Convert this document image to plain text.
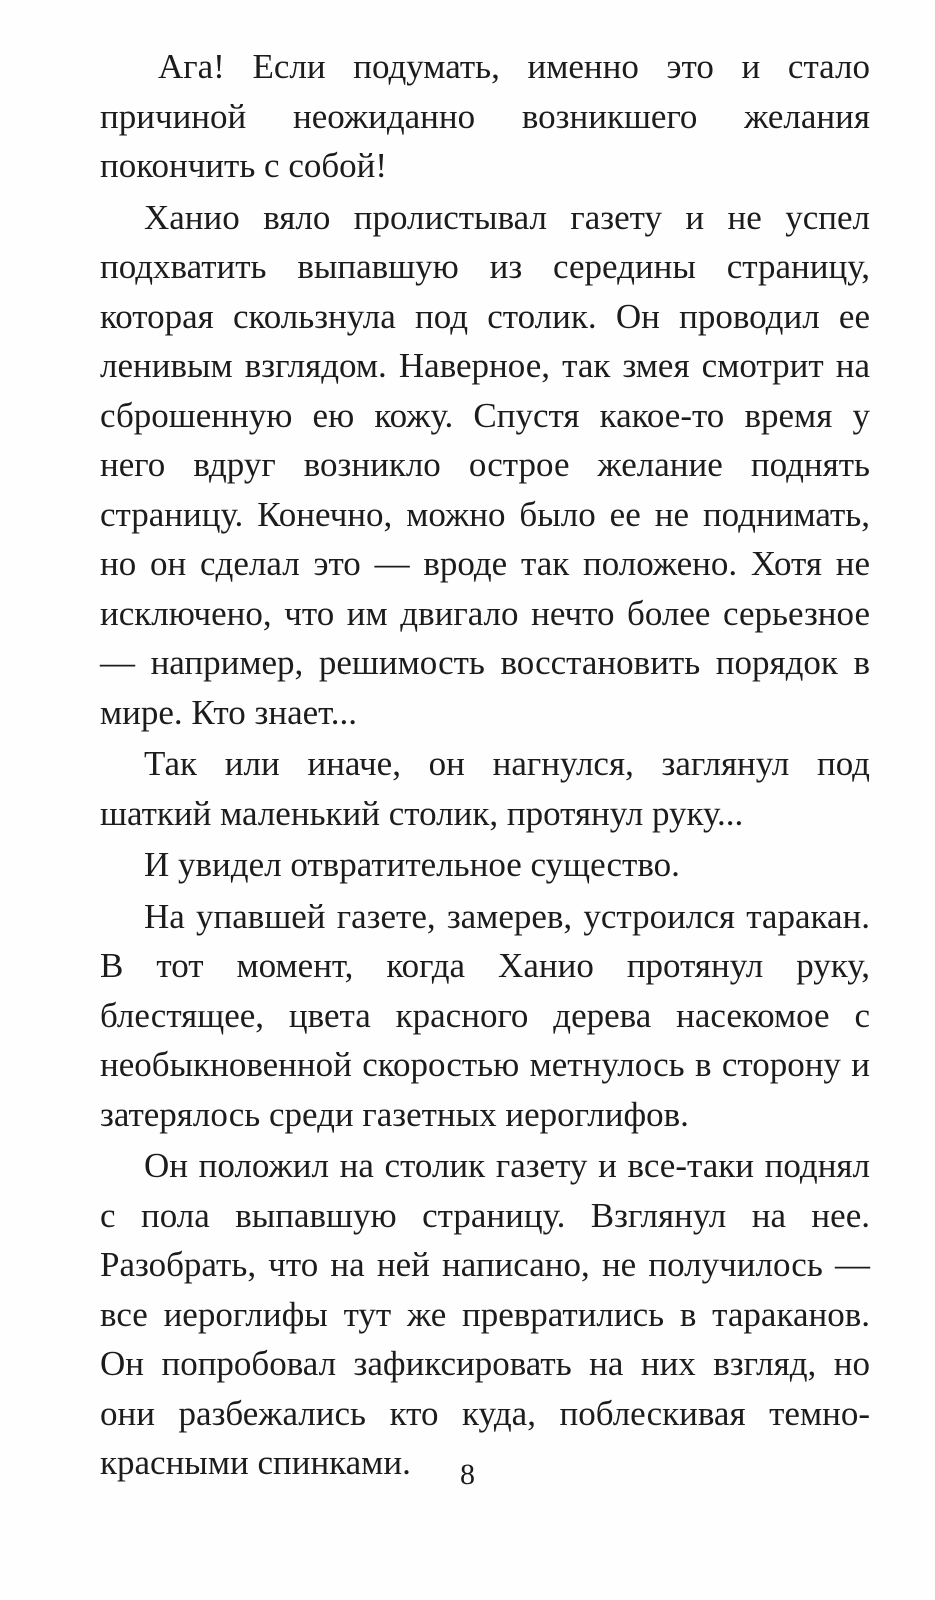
Ага! Если подумать, именно это и стало причиной неожиданно возникшего желания покончить с собой!

Ханио вяло пролистывал газету и не успел подхватить выпавшую из середины страницу, которая скользнула под столик. Он проводил ее ленивым взглядом. Наверное, так змея смотрит на сброшенную ею кожу. Спустя какое-то время у него вдруг возникло острое желание поднять страницу. Конечно, можно было ее не поднимать, но он сделал это — вроде так положено. Хотя не исключено, что им двигало нечто более серьезное — например, решимость восстановить порядок в мире. Кто знает...

Так или иначе, он нагнулся, заглянул под шаткий маленький столик, протянул руку...

И увидел отвратительное существо.

На упавшей газете, замерев, устроился таракан. В тот момент, когда Ханио протянул руку, блестящее, цвета красного дерева насекомое с необыкновенной скоростью метнулось в сторону и затерялось среди газетных иероглифов.

Он положил на столик газету и все-таки поднял с пола выпавшую страницу. Взглянул на нее. Разобрать, что на ней написано, не получилось — все иероглифы тут же превратились в тараканов. Он попробовал зафиксировать на них взгляд, но они разбежались кто куда, поблескивая темно-красными спинками.	8
